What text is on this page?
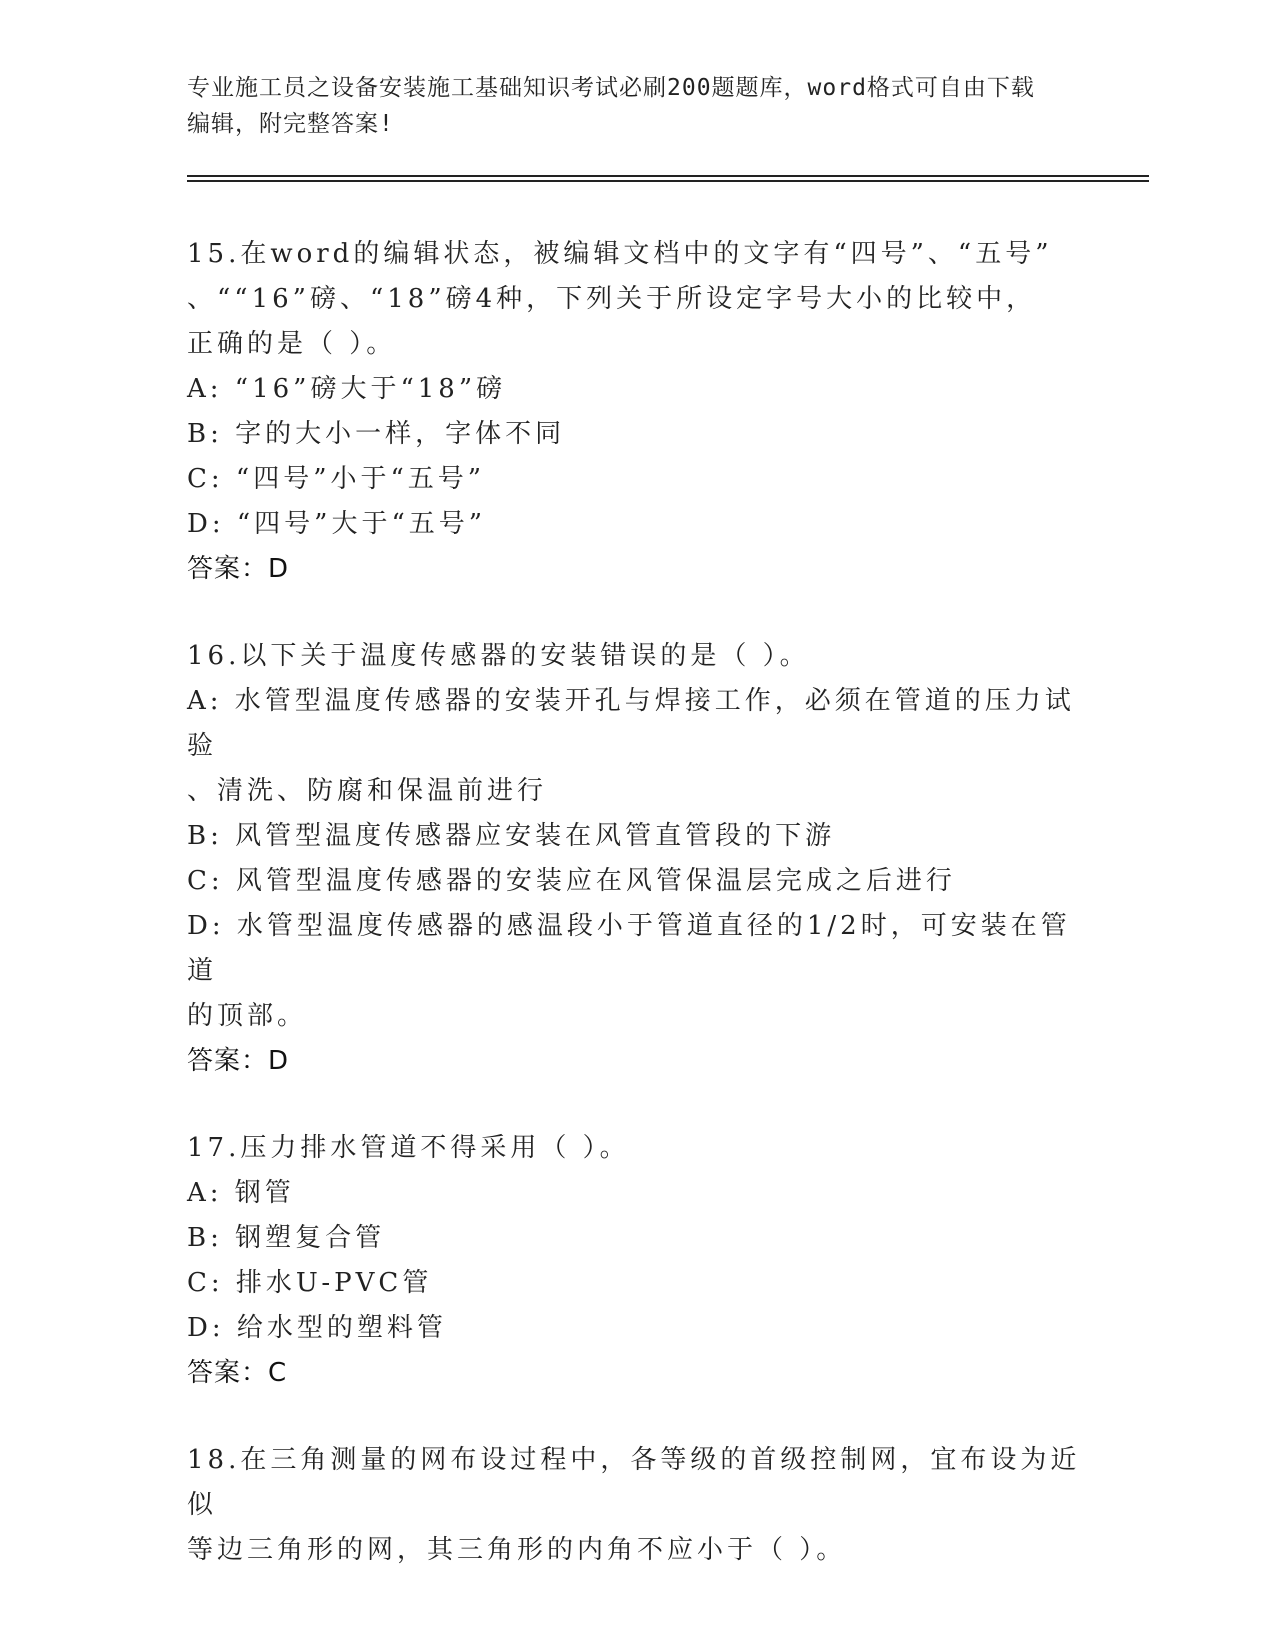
专业施工员之设备安装施工基础知识考试必刷200题题库，word格式可自由下载
编辑，附完整答案!
15.在word的编辑状态，被编辑文档中的文字有“四号”、“五号”
、““16”磅、“18”磅4种，下列关于所设定字号大小的比较中，
正确的是（ ）。
A: “16”磅大于“18”磅
B: 字的大小一样，字体不同
C: “四号”小于“五号”
D: “四号”大于“五号”
答案：D
16.以下关于温度传感器的安装错误的是（ ）。
A: 水管型温度传感器的安装开孔与焊接工作，必须在管道的压力试验
、清洗、防腐和保温前进行
B: 风管型温度传感器应安装在风管直管段的下游
C: 风管型温度传感器的安装应在风管保温层完成之后进行
D: 水管型温度传感器的感温段小于管道直径的1/2时，可安装在管道
的顶部。
答案：D
17.压力排水管道不得采用（ ）。
A: 钢管
B: 钢塑复合管
C: 排水U-PVC管
D: 给水型的塑料管
答案：C
18.在三角测量的网布设过程中，各等级的首级控制网，宜布设为近似
等边三角形的网，其三角形的内角不应小于（ ）。
